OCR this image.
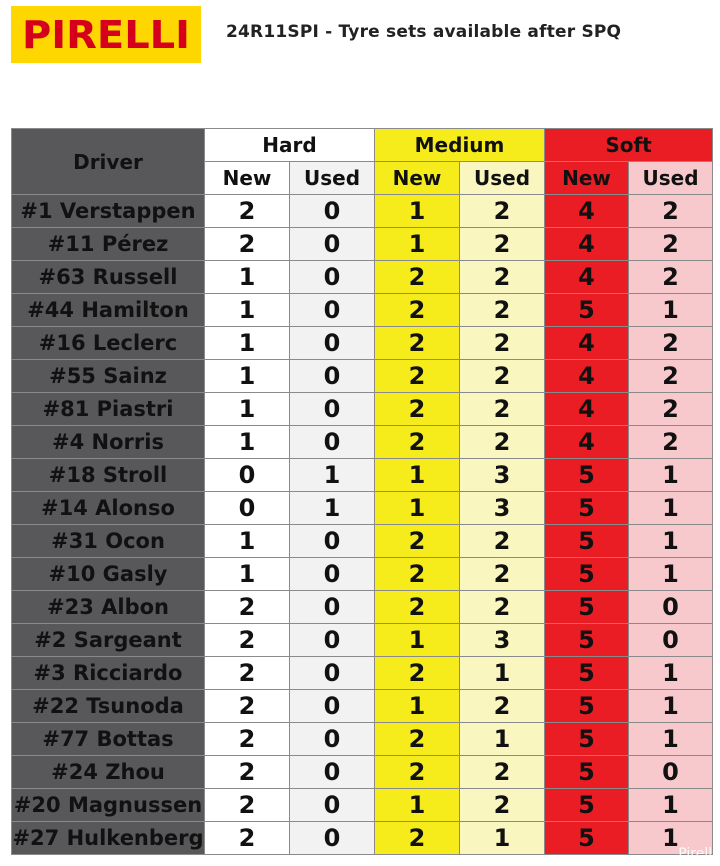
PIRELLI 24R11SPI - Tyre sets available after SPQ
Driver	Hard		Medium		Soft	
	New	Used	New	Used	New	Used
#1 Verstappen	2	0	1	2	4	2
#11 Pérez	2	0	1	2	4	2
#63 Russell	1	0	2	2	4	2
#44 Hamilton	1	0	2	2	5	1
#16 Leclerc	1	0	2	2	4	2
#55 Sainz	1	0	2	2	4	2
#81 Piastri	1	0	2	2	4	2
#4 Norris	1	0	2	2	4	2
#18 Stroll	0	1	1	3	5	1
#14 Alonso	0	1	1	3	5	1
#31 Ocon	1	0	2	2	5	1
#10 Gasly	1	0	2	2	5	1
#23 Albon	2	0	2	2	5	0
#2 Sargeant	2	0	1	3	5	0
#3 Ricciardo	2	0	2	1	5	1
#22 Tsunoda	2	0	1	2	5	1
#77 Bottas	2	0	2	1	5	1
#24 Zhou	2	0	2	2	5	0
#20 Magnussen	2	0	1	2	5	1
#27 Hulkenberg	2	0	2	1	5	1
Pirelli
